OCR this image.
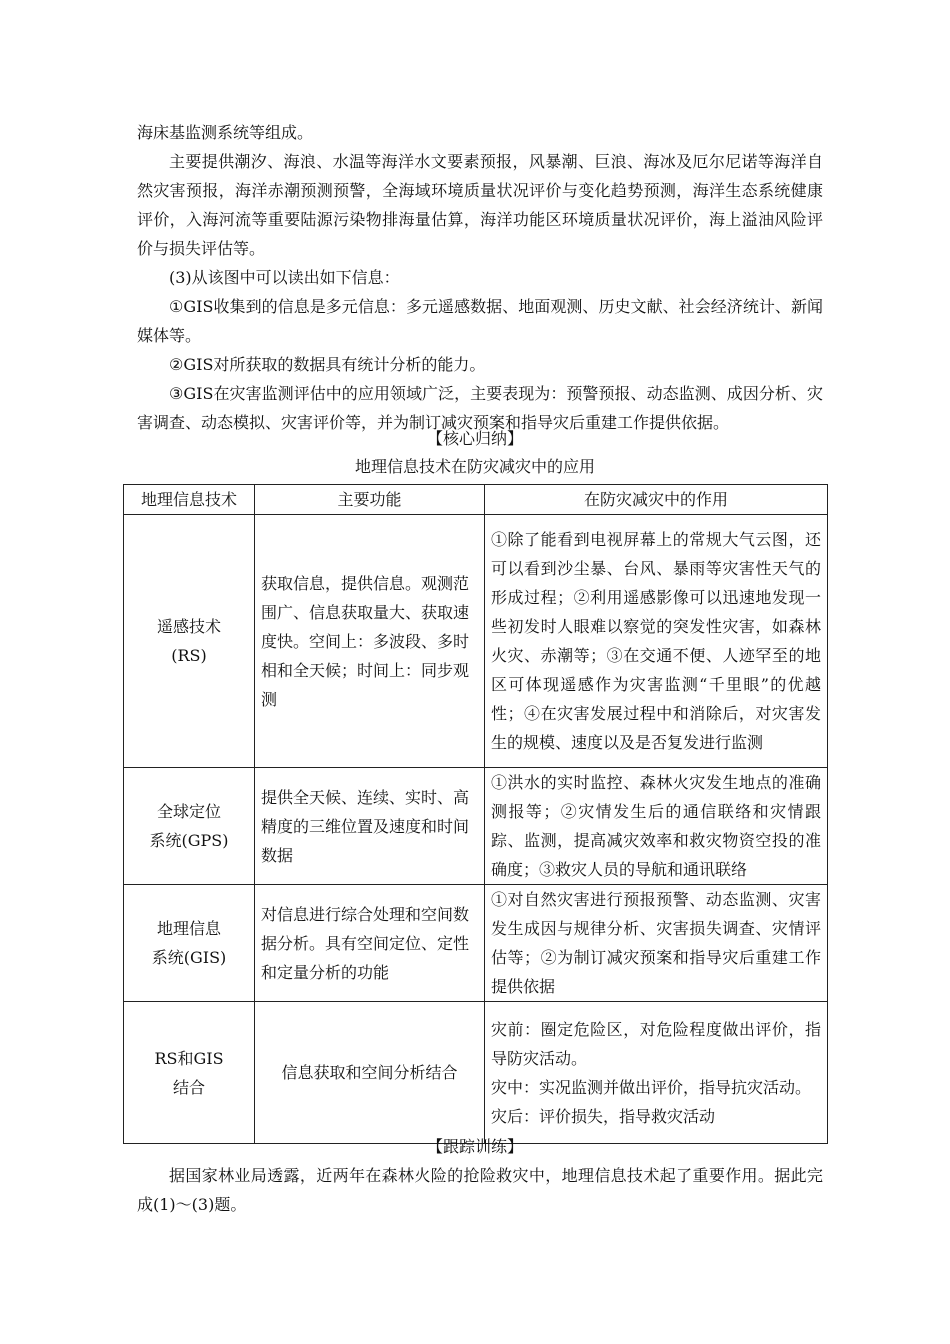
海床基监测系统等组成。

主要提供潮汐、海浪、水温等海洋水文要素预报，风暴潮、巨浪、海冰及厄尔尼诺等海洋自然灾害预报，海洋赤潮预测预警，全海域环境质量状况评价与变化趋势预测，海洋生态系统健康评价，入海河流等重要陆源污染物排海量估算，海洋功能区环境质量状况评价，海上溢油风险评价与损失评估等。

(3)从该图中可以读出如下信息：

①GIS收集到的信息是多元信息：多元遥感数据、地面观测、历史文献、社会经济统计、新闻媒体等。

②GIS对所获取的数据具有统计分析的能力。

③GIS在灾害监测评估中的应用领域广泛，主要表现为：预警预报、动态监测、成因分析、灾害调查、动态模拟、灾害评价等，并为制订减灾预案和指导灾后重建工作提供依据。

【核心归纳】
地理信息技术在防灾减灾中的应用
地理信息技术	主要功能	在防灾减灾中的作用

遥感技术
(RS)	获取信息，提供信息。观测范围广、信息获取量大、获取速度快。空间上：多波段、多时相和全天候；时间上：同步观测	①除了能看到电视屏幕上的常规大气云图，还可以看到沙尘暴、台风、暴雨等灾害性天气的形成过程；②利用遥感影像可以迅速地发现一些初发时人眼难以察觉的突发性灾害，如森林火灾、赤潮等；③在交通不便、人迹罕至的地区可体现遥感作为灾害监测“千里眼”的优越性；④在灾害发展过程中和消除后，对灾害发生的规模、速度以及是否复发进行监测

全球定位
系统(GPS)	提供全天候、连续、实时、高精度的三维位置及速度和时间数据	①洪水的实时监控、森林火灾发生地点的准确测报等；②灾情发生后的通信联络和灾情跟踪、监测，提高减灾效率和救灾物资空投的准确度；③救灾人员的导航和通讯联络

地理信息
系统(GIS)	对信息进行综合处理和空间数据分析。具有空间定位、定性和定量分析的功能	①对自然灾害进行预报预警、动态监测、灾害发生成因与规律分析、灾害损失调查、灾情评估等；②为制订减灾预案和指导灾后重建工作提供依据

RS和GIS
结合	信息获取和空间分析结合	灾前：圈定危险区，对危险程度做出评价，指导防灾活动。
灾中：实况监测并做出评价，指导抗灾活动。
灾后：评价损失，指导救灾活动
【跟踪训练】

据国家林业局透露，近两年在森林火险的抢险救灾中，地理信息技术起了重要作用。据此完成(1)～(3)题。
